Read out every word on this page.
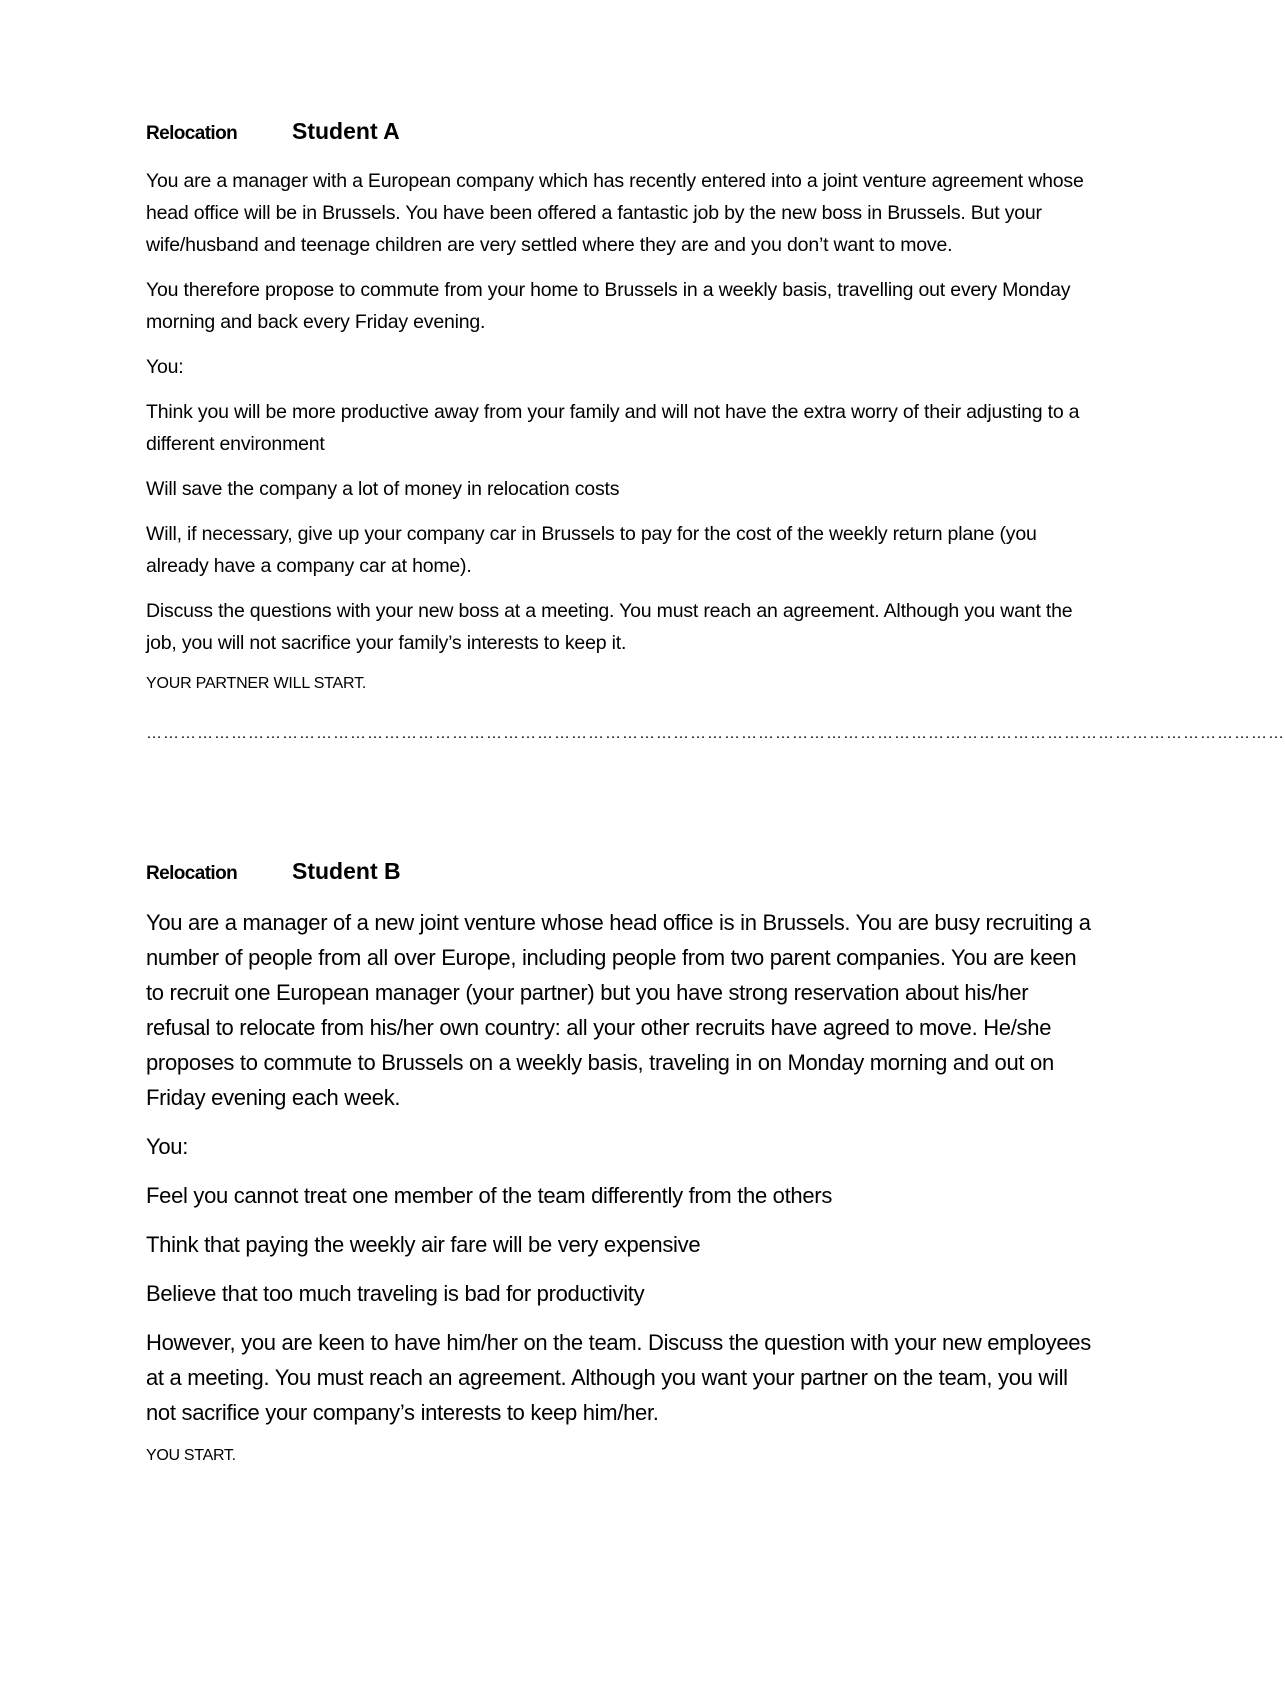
Relocation	Student A

You are a manager with a European company which has recently entered into a joint venture agreement whose head office will be in Brussels. You have been offered a fantastic job by the new boss in Brussels. But your wife/husband and teenage children are very settled where they are and you don’t want to move.

You therefore propose to commute from your home to Brussels in a weekly basis, travelling out every Monday morning and back every Friday evening.

You:

Think you will be more productive away from your family and will not have the extra worry of their adjusting to a different environment

Will save the company a lot of money in relocation costs

Will, if necessary, give up your company car in Brussels to pay for the cost of the weekly return plane (you already have a company car at home).

Discuss the questions with your new boss at a meeting. You must reach an agreement. Although you want the job, you will not sacrifice your family’s interests to keep it.

YOUR PARTNER WILL START.

…………………………………………………………………………………………………………………………………………………………………………………
Relocation	Student B

You are a manager of a new joint venture whose head office is in Brussels. You are busy recruiting a number of people from all over Europe, including people from two parent companies. You are keen to recruit one European manager (your partner) but you have strong reservation about his/her refusal to relocate from his/her own country: all your other recruits have agreed to move. He/she proposes to commute to Brussels on a weekly basis, traveling in on Monday morning and out on Friday evening each week.

You:

Feel you cannot treat one member of the team differently from the others

Think that paying the weekly air fare will be very expensive

Believe that too much traveling is bad for productivity

However, you are keen to have him/her on the team. Discuss the question with your new employees at a meeting. You must reach an agreement. Although you want your partner on the team, you will not sacrifice your company’s interests to keep him/her.

YOU START.
